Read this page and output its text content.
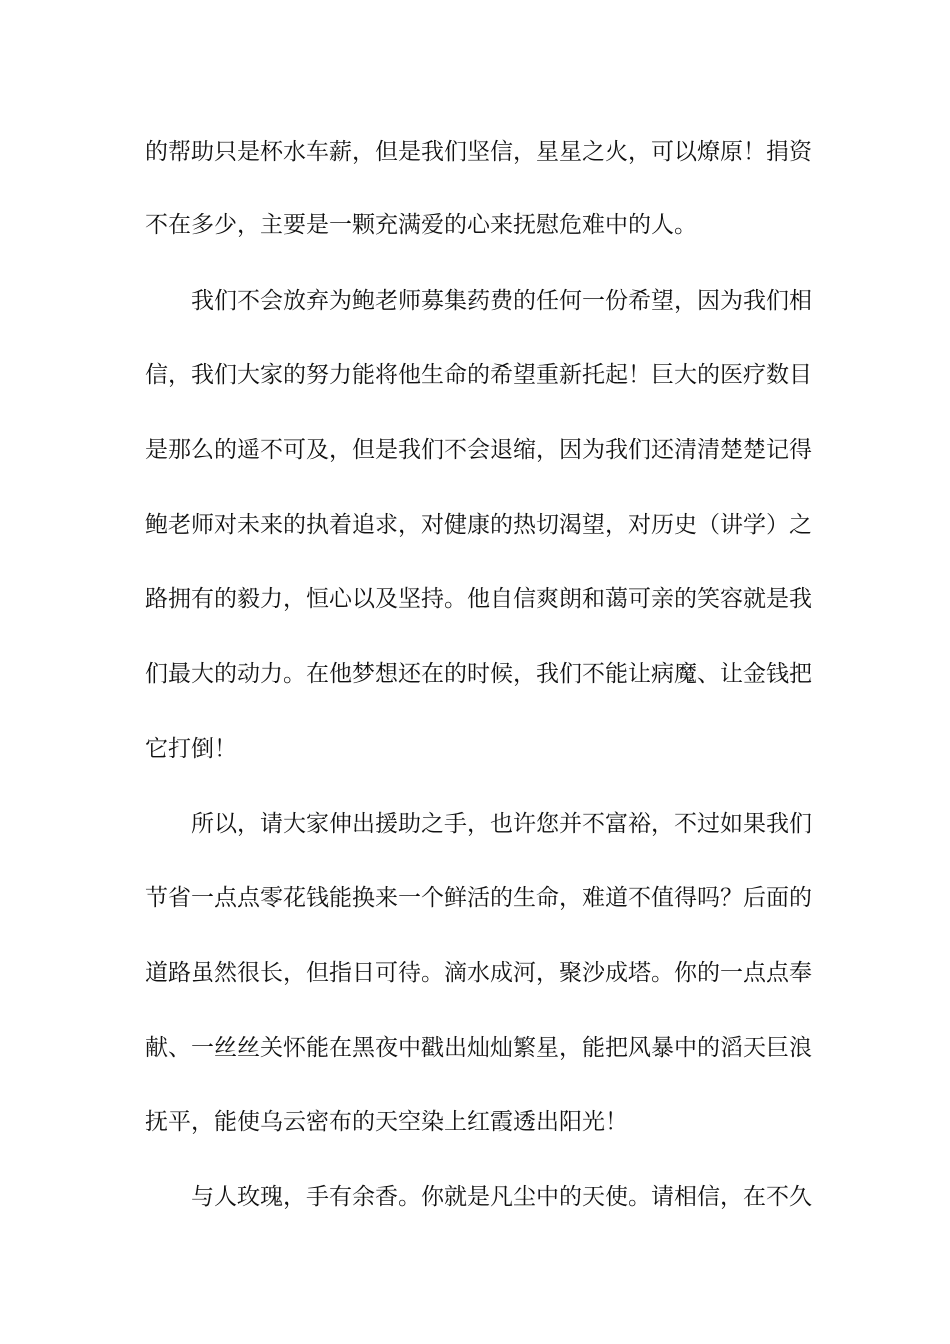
的帮助只是杯水车薪，但是我们坚信，星星之火，可以燎原！捐资
不在多少，主要是一颗充满爱的心来抚慰危难中的人。
我们不会放弃为鲍老师募集药费的任何一份希望，因为我们相
信，我们大家的努力能将他生命的希望重新托起！巨大的医疗数目
是那么的遥不可及，但是我们不会退缩，因为我们还清清楚楚记得
鲍老师对未来的执着追求，对健康的热切渴望，对历史（讲学）之
路拥有的毅力，恒心以及坚持。他自信爽朗和蔼可亲的笑容就是我
们最大的动力。在他梦想还在的时候，我们不能让病魔、让金钱把
它打倒！
所以，请大家伸出援助之手，也许您并不富裕，不过如果我们
节省一点点零花钱能换来一个鲜活的生命，难道不值得吗？后面的
道路虽然很长，但指日可待。滴水成河，聚沙成塔。你的一点点奉
献、一丝丝关怀能在黑夜中戳出灿灿繁星，能把风暴中的滔天巨浪
抚平，能使乌云密布的天空染上红霞透出阳光！
与人玫瑰，手有余香。你就是凡尘中的天使。请相信，在不久
